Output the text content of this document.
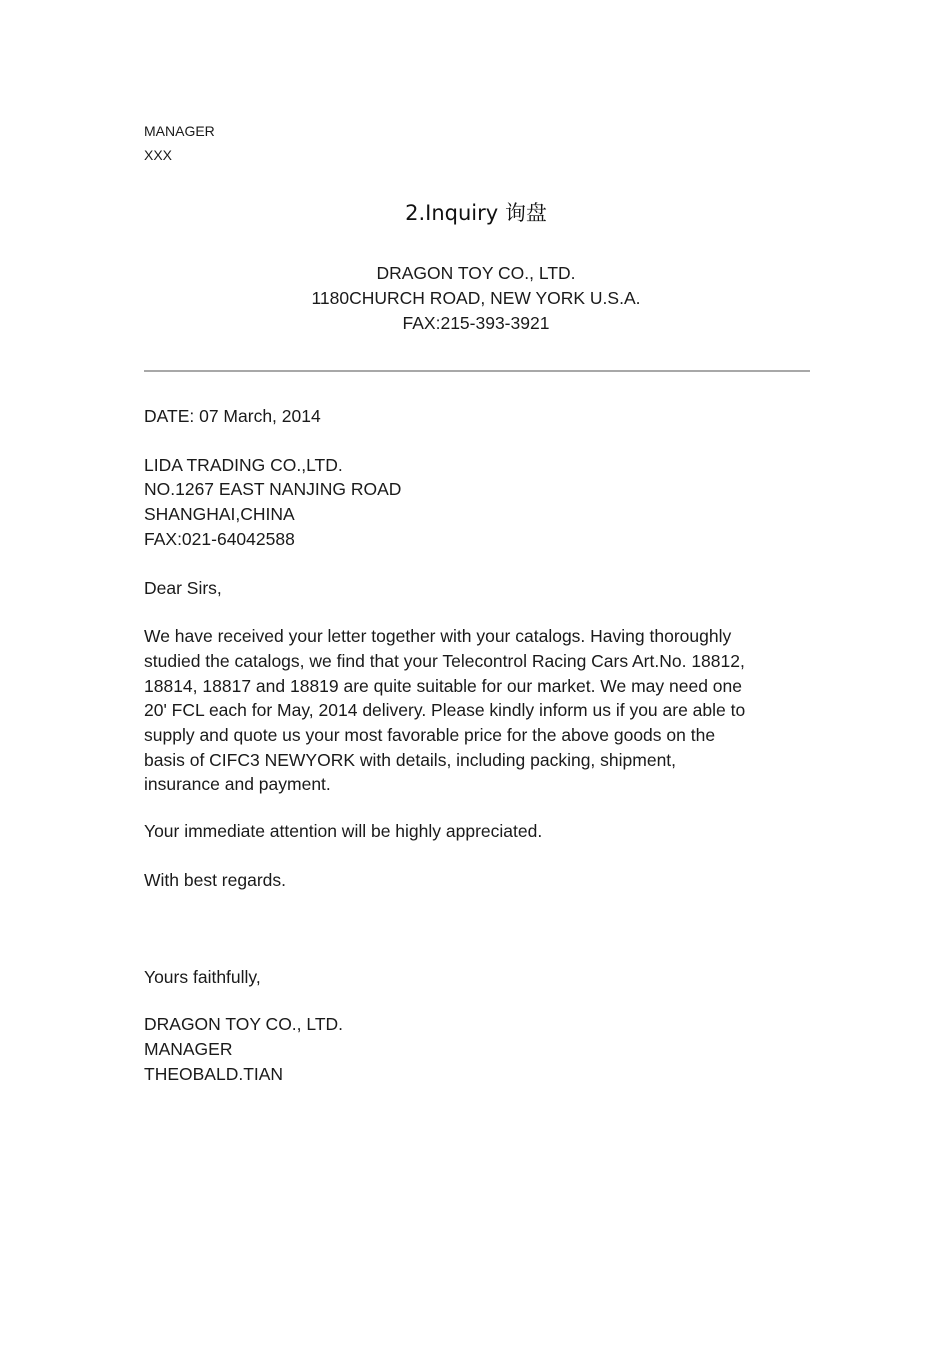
MANAGER
XXX
2.Inquiry 询盘
DRAGON TOY CO., LTD.
1180CHURCH ROAD, NEW YORK U.S.A.
FAX:215-393-3921
DATE: 07 March, 2014
LIDA TRADING CO.,LTD.
NO.1267 EAST NANJING ROAD
SHANGHAI,CHINA
FAX:021-64042588
Dear Sirs,
We have received your letter together with your catalogs. Having thoroughly
studied the catalogs, we find that your Telecontrol Racing Cars Art.No. 18812,
18814, 18817 and 18819 are quite suitable for our market. We may need one
20' FCL each for May, 2014 delivery. Please kindly inform us if you are able to
supply and quote us your most favorable price for the above goods on the
basis of CIFC3 NEWYORK with details, including packing, shipment,
insurance and payment.
Your immediate attention will be highly appreciated.
With best regards.
Yours faithfully,
DRAGON TOY CO., LTD.
MANAGER
THEOBALD.TIAN
